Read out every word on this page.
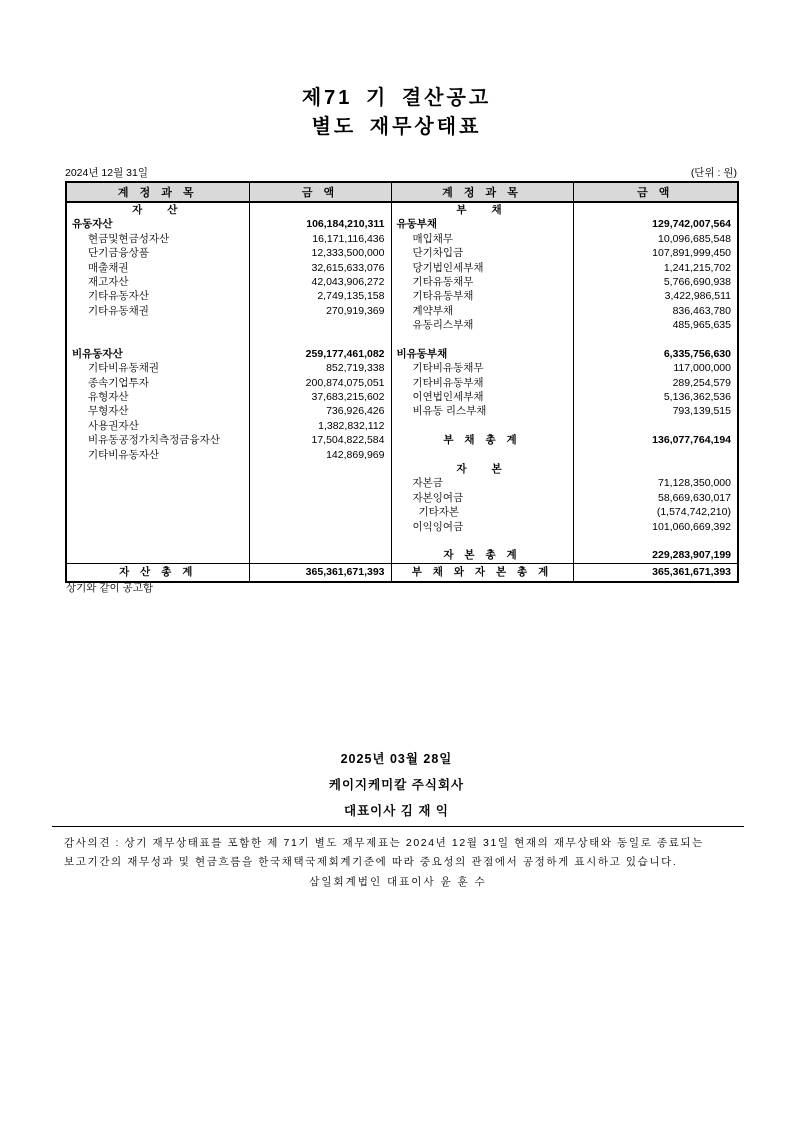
제71 기 결산공고
별도 재무상태표
2024년 12월 31일	(단위 : 원)
계 정 과 목	금 액	계 정 과 목	금 액
자 산		부 채	
유동자산	106,184,210,311	유동부채	129,742,007,564
현금및현금성자산	16,171,116,436	매입채무	10,096,685,548
단기금융상품	12,333,500,000	단기차입금	107,891,999,450
매출채권	32,615,633,076	당기법인세부채	1,241,215,702
재고자산	42,043,906,272	기타유동채무	5,766,690,938
기타유동자산	2,749,135,158	기타유동부채	3,422,986,511
기타유동채권	270,919,369	계약부채	836,463,780
		유동리스부채	485,965,635

비유동자산	259,177,461,082	비유동부채	6,335,756,630
기타비유동채권	852,719,338	기타비유동채무	117,000,000
종속기업투자	200,874,075,051	기타비유동부채	289,254,579
유형자산	37,683,215,602	이연법인세부채	5,136,362,536
무형자산	736,926,426	비유동 리스부채	793,139,515
사용권자산	1,382,832,112		
비유동공정가치측정금융자산	17,504,822,584	부 채 총 계	136,077,764,194
기타비유동자산	142,869,969		
		자 본	
		자본금	71,128,350,000
		자본잉여금	58,669,630,017
		기타자본	(1,574,742,210)
		이익잉여금	101,060,669,392

		자 본 총 계	229,283,907,199
자 산 총 계	365,361,671,393	부 채 와 자 본 총 계	365,361,671,393
상기와 같이 공고함
2025년 03월 28일
케이지케미칼 주식회사
대표이사 김 재 익
감사의견 : 상기 재무상태표를 포함한 제 71기 별도 재무제표는 2024년 12월 31일 현재의 재무상태와 동일로 종료되는
보고기간의 재무성과 및 현금흐름을 한국채택국제회계기준에 따라 중요성의 관점에서 공정하게 표시하고 있습니다.
삼일회계법인 대표이사 윤 훈 수
